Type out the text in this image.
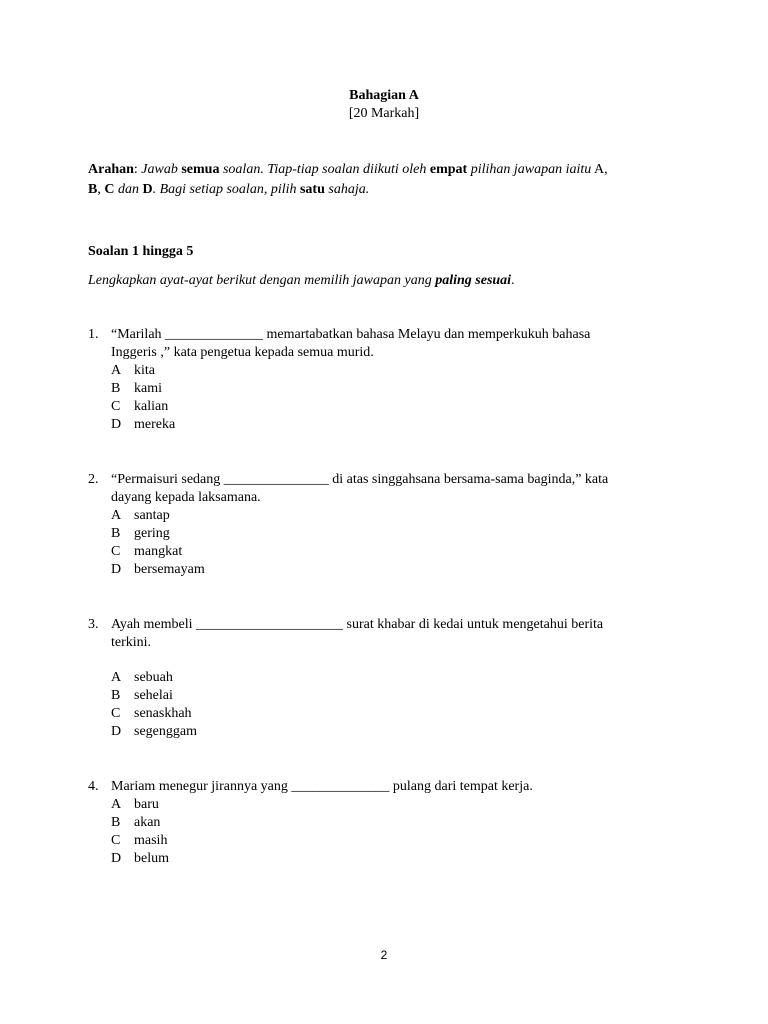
Bahagian A

[20 Markah]

Arahan: Jawab semua soalan. Tiap-tiap soalan diikuti oleh empat pilihan jawapan iaitu A,
B, C dan D. Bagi setiap soalan, pilih satu sahaja.

Soalan 1 hingga 5

Lengkapkan ayat-ayat berikut dengan memilih jawapan yang paling sesuai.

1. “Marilah ______________ memartabatkan bahasa Melayu dan memperkukuh bahasa

Inggeris ,” kata pengetua kepada semua murid.

A kita

B kami

C kalian

D mereka

2. “Permaisuri sedang _______________ di atas singgahsana bersama-sama baginda,” kata

dayang kepada laksamana.

A santap

B gering

C mangkat

D bersemayam

3. Ayah membeli _____________________ surat khabar di kedai untuk mengetahui berita

terkini.

A sebuah

B sehelai

C senaskhah

D segenggam

4. Mariam menegur jirannya yang ______________ pulang dari tempat kerja.

A baru

B akan

C masih

D belum

2
